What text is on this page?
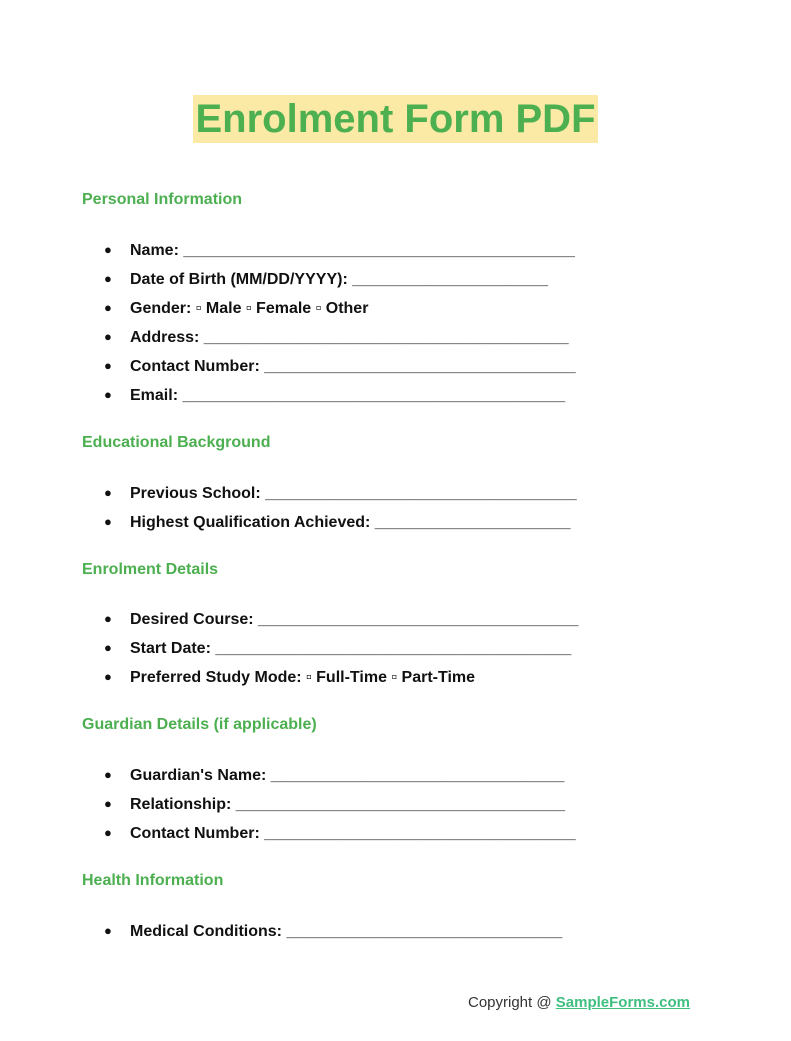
Enrolment Form PDF
Personal Information
● Name: ____________________________________________
● Date of Birth (MM/DD/YYYY): ______________________
● Gender: ▫ Male ▫ Female ▫ Other
● Address: _________________________________________
● Contact Number: ___________________________________
● Email: ___________________________________________
Educational Background
● Previous School: ___________________________________
● Highest Qualification Achieved: ______________________
Enrolment Details
● Desired Course: ____________________________________
● Start Date: ________________________________________
● Preferred Study Mode: ▫ Full-Time ▫ Part-Time
Guardian Details (if applicable)
● Guardian's Name: _________________________________
● Relationship: _____________________________________
● Contact Number: ___________________________________
Health Information
● Medical Conditions: _______________________________
Copyright @ SampleForms.com
